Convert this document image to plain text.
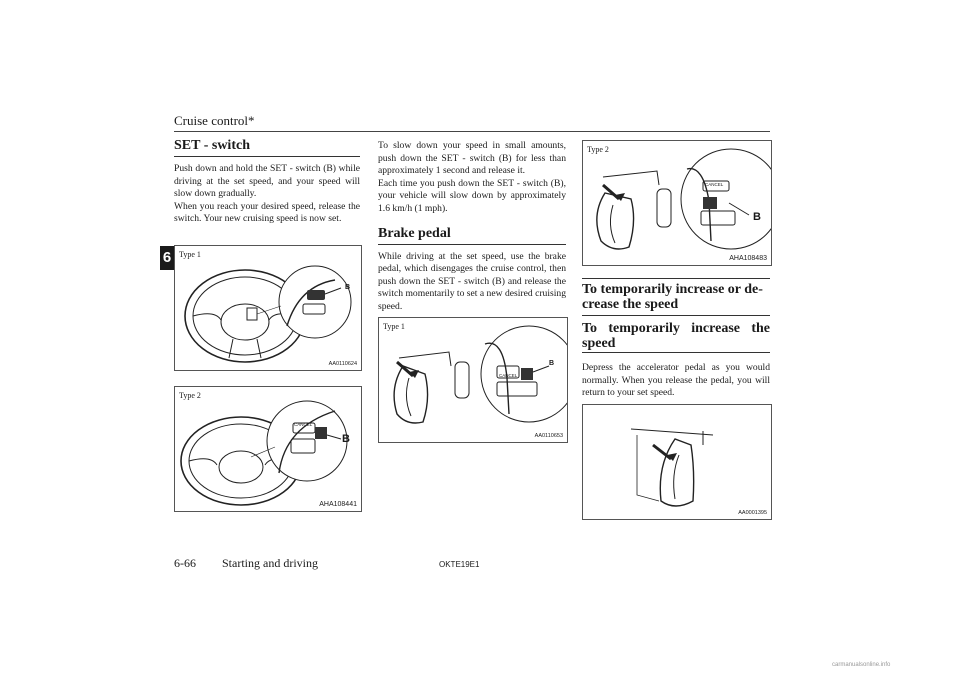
Cruise control*
6
SET - switch

Push down and hold the SET - switch (B) while driving at the set speed, and your speed will slow down gradually.

When you reach your desired speed, release the switch. Your new cruising speed is now set.

Type 1
B
AA0110624
Type 2
CANCEL
B
AHA108441

To slow down your speed in small amounts, push down the SET - switch (B) for less than approximately 1 second and release it.

Each time you push down the SET - switch (B), your vehicle will slow down by approximately 1.6 km/h (1 mph).

Brake pedal

While driving at the set speed, use the brake pedal, which disengages the cruise control, then push down the SET - switch (B) and release the switch momentarily to set a new desired cruising speed.

Type 1
CANCEL
B
AA0110653
Type 2
CANCEL
B
AHA108483
To temporarily increase or de-crease the speed
To temporarily increase the speed

Depress the accelerator pedal as you would normally. When you release the pedal, you will return to your set speed.

AA0001395
6-66 Starting and driving	OKTE19E1
carmanualsonline.info
